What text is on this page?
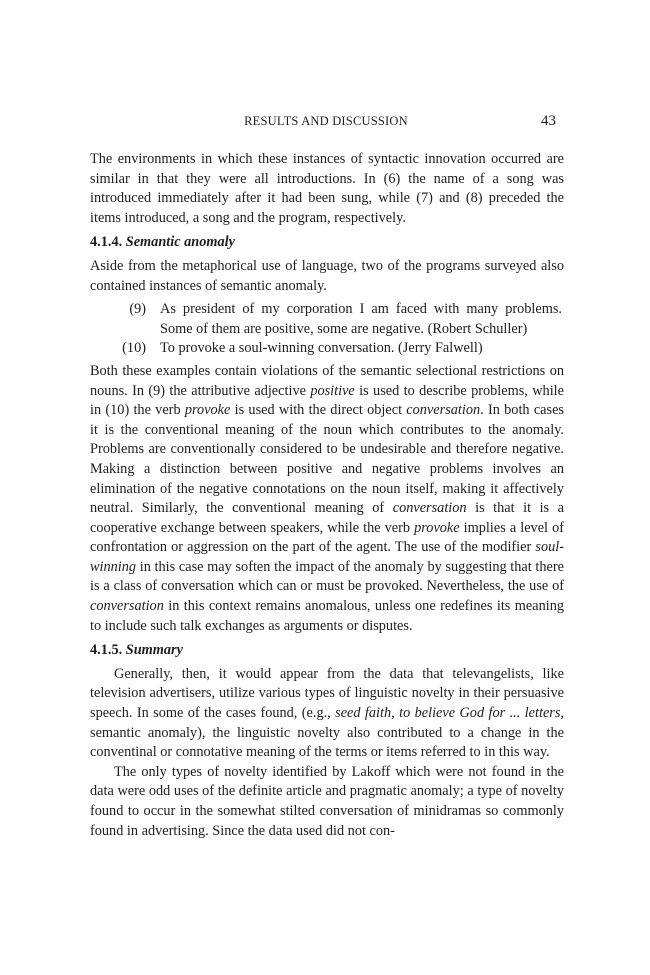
RESULTS AND DISCUSSION	43

The environments in which these instances of syntactic innovation occurred are similar in that they were all introductions. In (6) the name of a song was introduced immediately after it had been sung, while (7) and (8) preceded the items introduced, a song and the program, respectively.

4.1.4. Semantic anomaly

Aside from the metaphorical use of language, two of the programs surveyed also contained instances of semantic anomaly.

(9) As president of my corporation I am faced with many problems. Some of them are positive, some are negative. (Robert Schuller)
(10) To provoke a soul-winning conversation. (Jerry Falwell)

Both these examples contain violations of the semantic selectional restrictions on nouns. In (9) the attributive adjective positive is used to describe problems, while in (10) the verb provoke is used with the direct object conversation. In both cases it is the conventional meaning of the noun which contributes to the anomaly. Problems are conventionally considered to be undesirable and therefore negative. Making a distinction between positive and negative problems involves an elimination of the negative connotations on the noun itself, making it affectively neutral. Similarly, the conventional meaning of conversation is that it is a cooperative exchange between speakers, while the verb provoke implies a level of confrontation or aggression on the part of the agent. The use of the modifier soul-winning in this case may soften the impact of the anomaly by suggesting that there is a class of conversation which can or must be provoked. Nevertheless, the use of conversation in this context remains anomalous, unless one redefines its meaning to include such talk exchanges as arguments or disputes.

4.1.5. Summary

Generally, then, it would appear from the data that televangelists, like television advertisers, utilize various types of linguistic novelty in their persuasive speech. In some of the cases found, (e.g., seed faith, to believe God for ... letters, semantic anomaly), the linguistic novelty also contributed to a change in the conventinal or connotative meaning of the terms or items referred to in this way.

The only types of novelty identified by Lakoff which were not found in the data were odd uses of the definite article and pragmatic anomaly; a type of novelty found to occur in the somewhat stilted conversation of minidramas so commonly found in advertising. Since the data used did not con-
